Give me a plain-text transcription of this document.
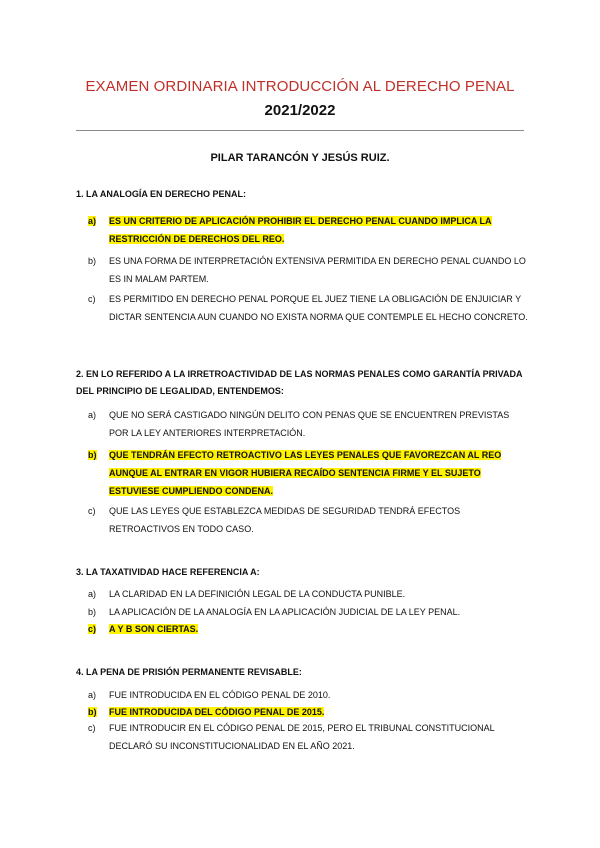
EXAMEN ORDINARIA INTRODUCCIÓN AL DERECHO PENAL
2021/2022
PILAR TARANCÓN Y JESÚS RUIZ.
1. LA ANALOGÍA EN DERECHO PENAL:
a)	ES UN CRITERIO DE APLICACIÓN PROHIBIR EL DERECHO PENAL CUANDO IMPLICA LA RESTRICCIÓN DE DERECHOS DEL REO.
b)	ES UNA FORMA DE INTERPRETACIÓN EXTENSIVA PERMITIDA EN DERECHO PENAL CUANDO LO ES IN MALAM PARTEM.
c)	ES PERMITIDO EN DERECHO PENAL PORQUE EL JUEZ TIENE LA OBLIGACIÓN DE ENJUICIAR Y DICTAR SENTENCIA AUN CUANDO NO EXISTA NORMA QUE CONTEMPLE EL HECHO CONCRETO.
2. EN LO REFERIDO A LA IRRETROACTIVIDAD DE LAS NORMAS PENALES COMO GARANTÍA PRIVADA DEL PRINCIPIO DE LEGALIDAD, ENTENDEMOS:
a)	QUE NO SERÁ CASTIGADO NINGÚN DELITO CON PENAS QUE SE ENCUENTREN PREVISTAS POR LA LEY ANTERIORES INTERPRETACIÓN.
b)	QUE TENDRÁN EFECTO RETROACTIVO LAS LEYES PENALES QUE FAVOREZCAN AL REO AUNQUE AL ENTRAR EN VIGOR HUBIERA RECAÍDO SENTENCIA FIRME Y EL SUJETO ESTUVIESE CUMPLIENDO CONDENA.
c)	QUE LAS LEYES QUE ESTABLEZCA MEDIDAS DE SEGURIDAD TENDRÁ EFECTOS RETROACTIVOS EN TODO CASO.
3. LA TAXATIVIDAD HACE REFERENCIA A:
a)	LA CLARIDAD EN LA DEFINICIÓN LEGAL DE LA CONDUCTA PUNIBLE.
b)	LA APLICACIÓN DE LA ANALOGÍA EN LA APLICACIÓN JUDICIAL DE LA LEY PENAL.
c)	A Y B SON CIERTAS.
4. LA PENA DE PRISIÓN PERMANENTE REVISABLE:
a)	FUE INTRODUCIDA EN EL CÓDIGO PENAL DE 2010.
b)	FUE INTRODUCIDA DEL CÓDIGO PENAL DE 2015.
c)	FUE INTRODUCIR EN EL CÓDIGO PENAL DE 2015, PERO EL TRIBUNAL CONSTITUCIONAL DECLARÓ SU INCONSTITUCIONALIDAD EN EL AÑO 2021.
